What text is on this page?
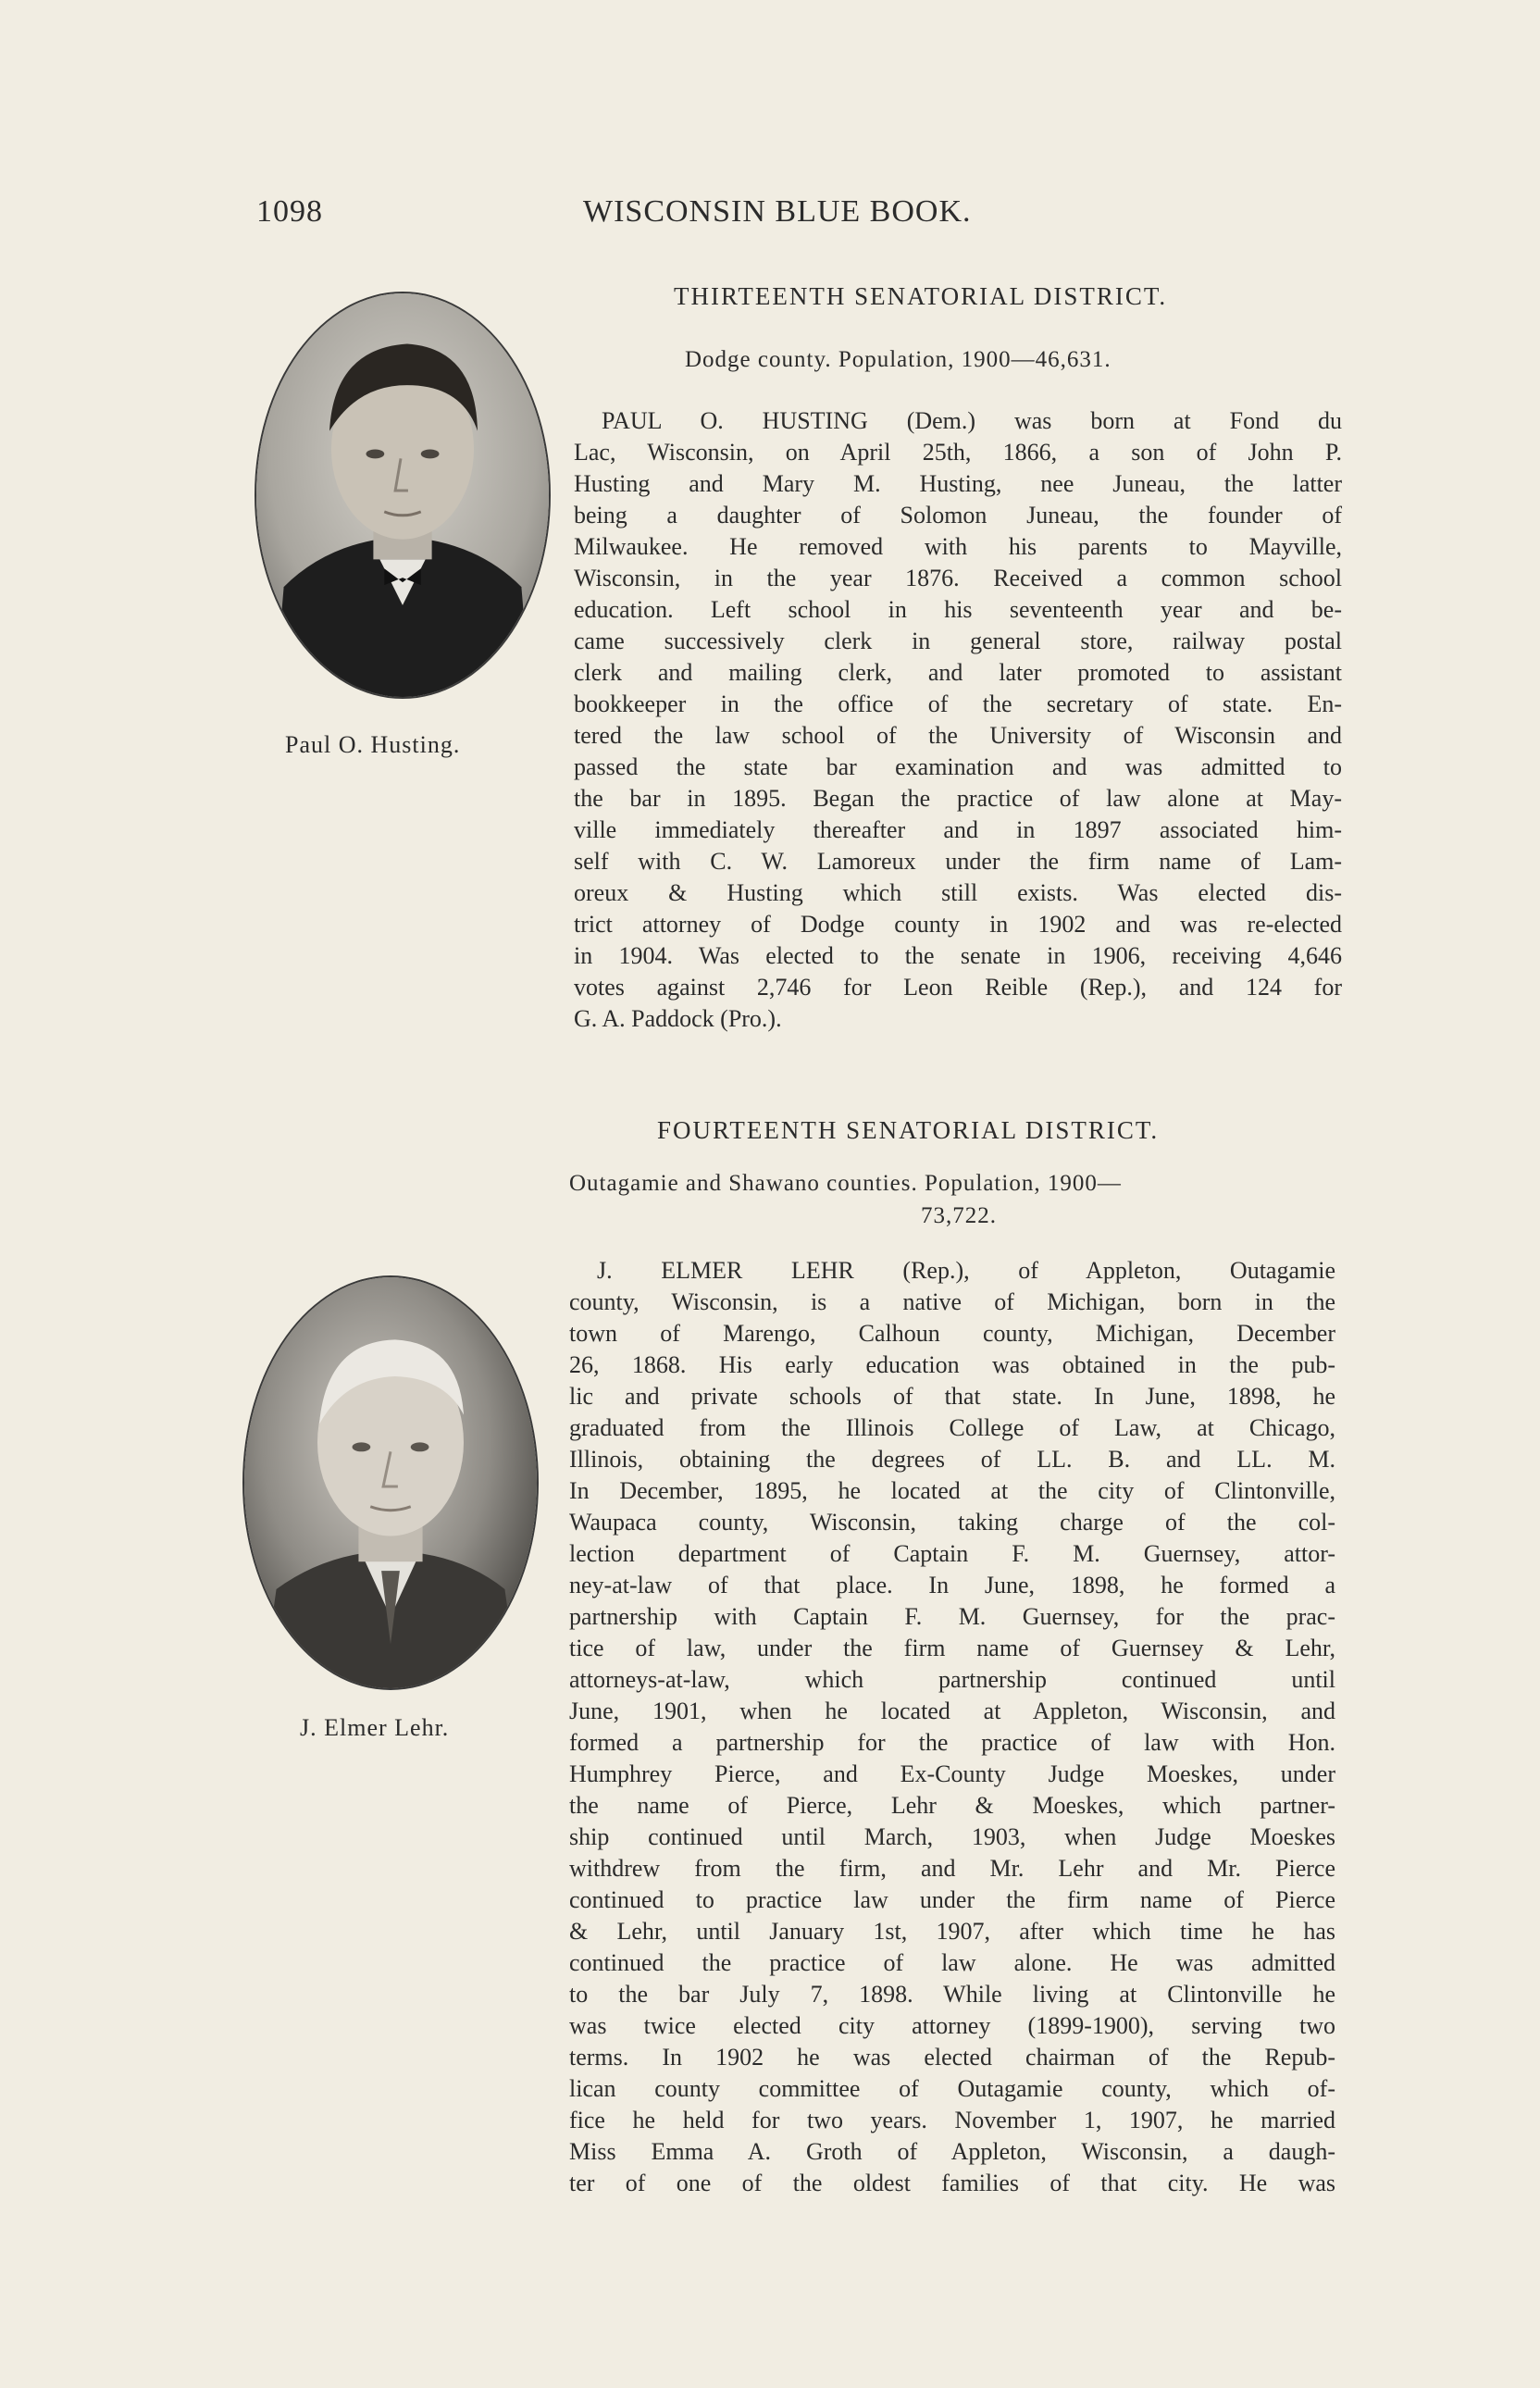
1098	WISCONSIN BLUE BOOK.
THIRTEENTH SENATORIAL DISTRICT.
Dodge county. Population, 1900—46,631.
Paul O. Husting.
PAUL O. HUSTING (Dem.) was born at Fond du
Lac, Wisconsin, on April 25th, 1866, a son of John P.
Husting and Mary M. Husting, nee Juneau, the latter
being a daughter of Solomon Juneau, the founder of
Milwaukee. He removed with his parents to Mayville,
Wisconsin, in the year 1876. Received a common school
education. Left school in his seventeenth year and be-
came successively clerk in general store, railway postal
clerk and mailing clerk, and later promoted to assistant
bookkeeper in the office of the secretary of state. En-
tered the law school of the University of Wisconsin and
passed the state bar examination and was admitted to
the bar in 1895. Began the practice of law alone at May-
ville immediately thereafter and in 1897 associated him-
self with C. W. Lamoreux under the firm name of Lam-
oreux & Husting which still exists. Was elected dis-
trict attorney of Dodge county in 1902 and was re-elected
in 1904. Was elected to the senate in 1906, receiving 4,646
votes against 2,746 for Leon Reible (Rep.), and 124 for
G. A. Paddock (Pro.).
FOURTEENTH SENATORIAL DISTRICT.
Outagamie and Shawano counties. Population, 1900—
73,722.
J. Elmer Lehr.
J. ELMER LEHR (Rep.), of Appleton, Outagamie
county, Wisconsin, is a native of Michigan, born in the
town of Marengo, Calhoun county, Michigan, December
26, 1868. His early education was obtained in the pub-
lic and private schools of that state. In June, 1898, he
graduated from the Illinois College of Law, at Chicago,
Illinois, obtaining the degrees of LL. B. and LL. M.
In December, 1895, he located at the city of Clintonville,
Waupaca county, Wisconsin, taking charge of the col-
lection department of Captain F. M. Guernsey, attor-
ney-at-law of that place. In June, 1898, he formed a
partnership with Captain F. M. Guernsey, for the prac-
tice of law, under the firm name of Guernsey & Lehr,
attorneys-at-law, which partnership continued until
June, 1901, when he located at Appleton, Wisconsin, and
formed a partnership for the practice of law with Hon.
Humphrey Pierce, and Ex-County Judge Moeskes, under
the name of Pierce, Lehr & Moeskes, which partner-
ship continued until March, 1903, when Judge Moeskes
withdrew from the firm, and Mr. Lehr and Mr. Pierce
continued to practice law under the firm name of Pierce
& Lehr, until January 1st, 1907, after which time he has
continued the practice of law alone. He was admitted
to the bar July 7, 1898. While living at Clintonville he
was twice elected city attorney (1899-1900), serving two
terms. In 1902 he was elected chairman of the Repub-
lican county committee of Outagamie county, which of-
fice he held for two years. November 1, 1907, he married
Miss Emma A. Groth of Appleton, Wisconsin, a daugh-
ter of one of the oldest families of that city. He was
